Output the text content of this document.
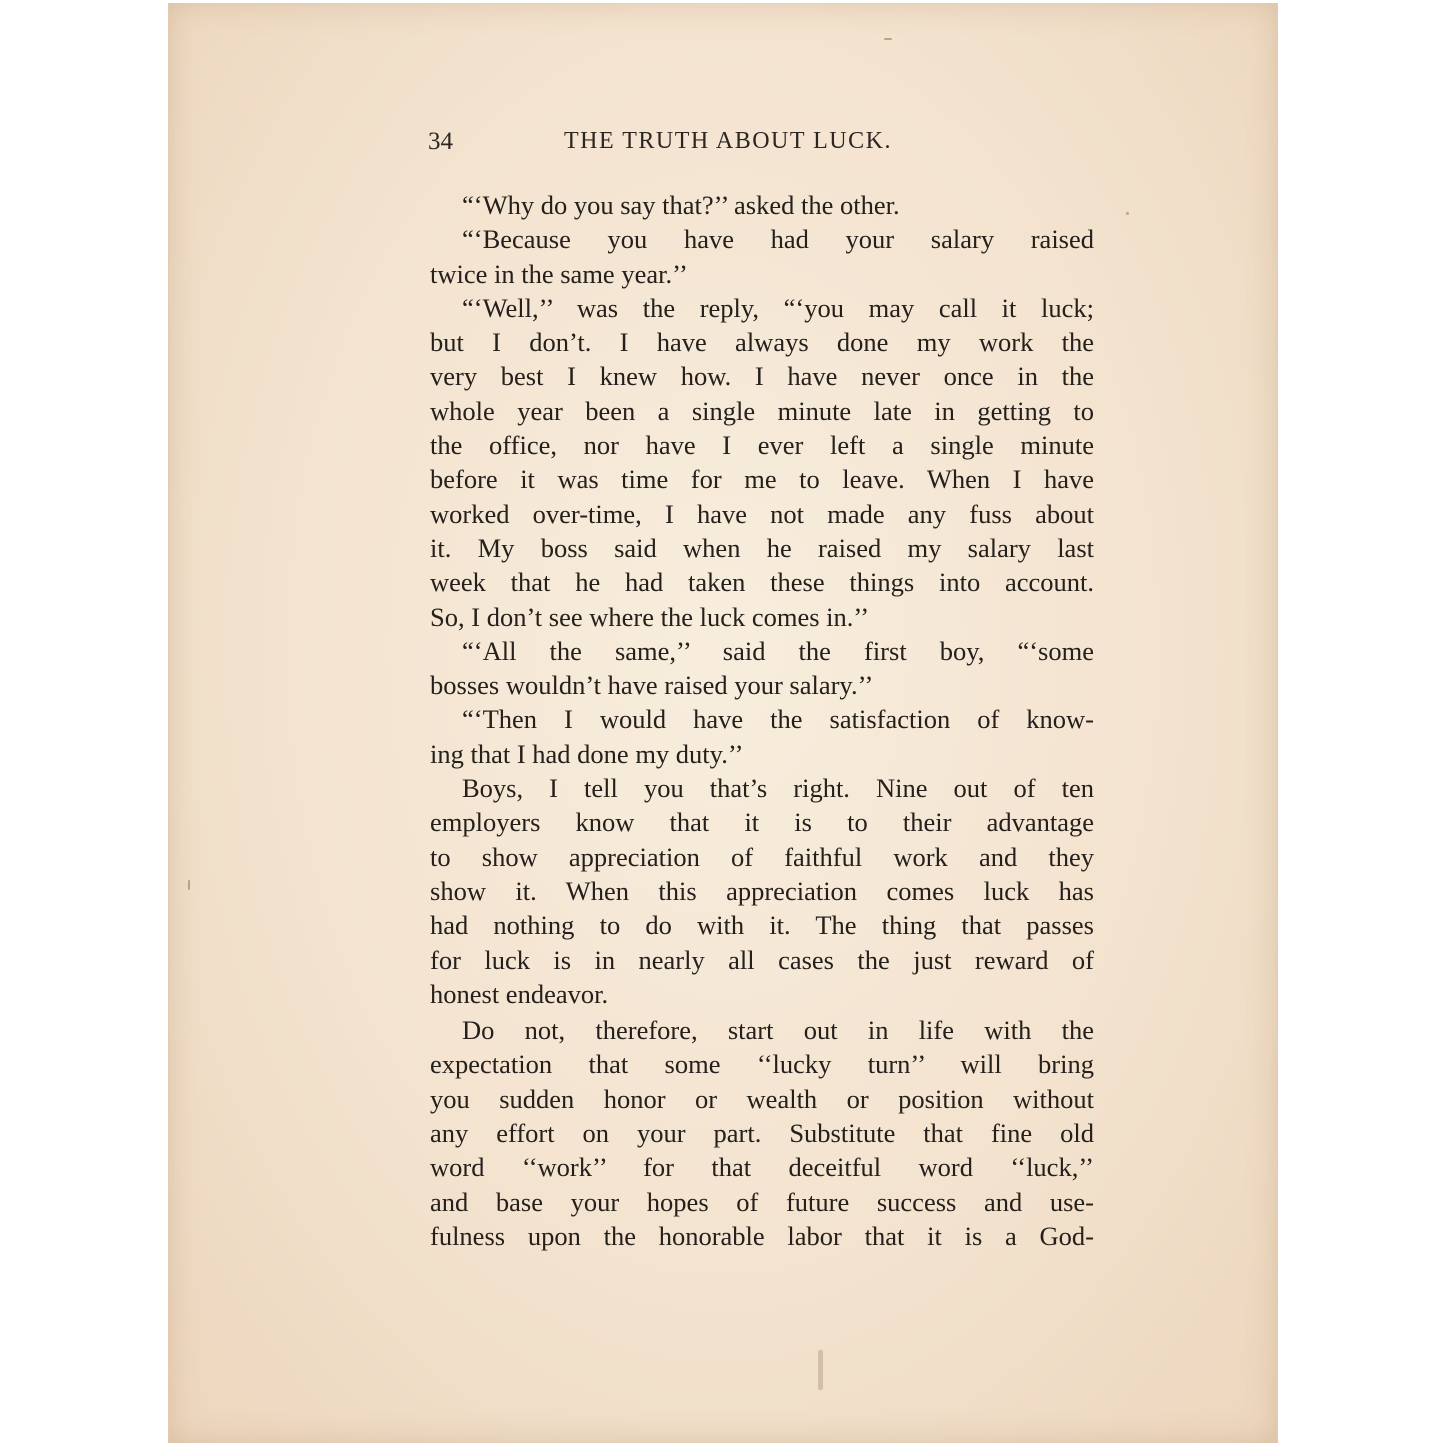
34	THE TRUTH ABOUT LUCK.
“‘Why do you say that?’’ asked the other.
“‘Because you have had your salary raised
twice in the same year.’’
“‘Well,’’ was the reply, “‘you may call it luck;
but I don’t. I have always done my work the
very best I knew how. I have never once in the
whole year been a single minute late in getting to
the office, nor have I ever left a single minute
before it was time for me to leave. When I have
worked over-time, I have not made any fuss about
it. My boss said when he raised my salary last
week that he had taken these things into account.
So, I don’t see where the luck comes in.’’
“‘All the same,’’ said the first boy, “‘some
bosses wouldn’t have raised your salary.’’
“‘Then I would have the satisfaction of know-
ing that I had done my duty.’’
Boys, I tell you that’s right. Nine out of ten
employers know that it is to their advantage
to show appreciation of faithful work and they
show it. When this appreciation comes luck has
had nothing to do with it. The thing that passes
for luck is in nearly all cases the just reward of
honest endeavor.
Do not, therefore, start out in life with the
expectation that some ‘‘lucky turn’’ will bring
you sudden honor or wealth or position without
any effort on your part. Substitute that fine old
word ‘‘work’’ for that deceitful word ‘‘luck,’’
and base your hopes of future success and use-
fulness upon the honorable labor that it is a God-
